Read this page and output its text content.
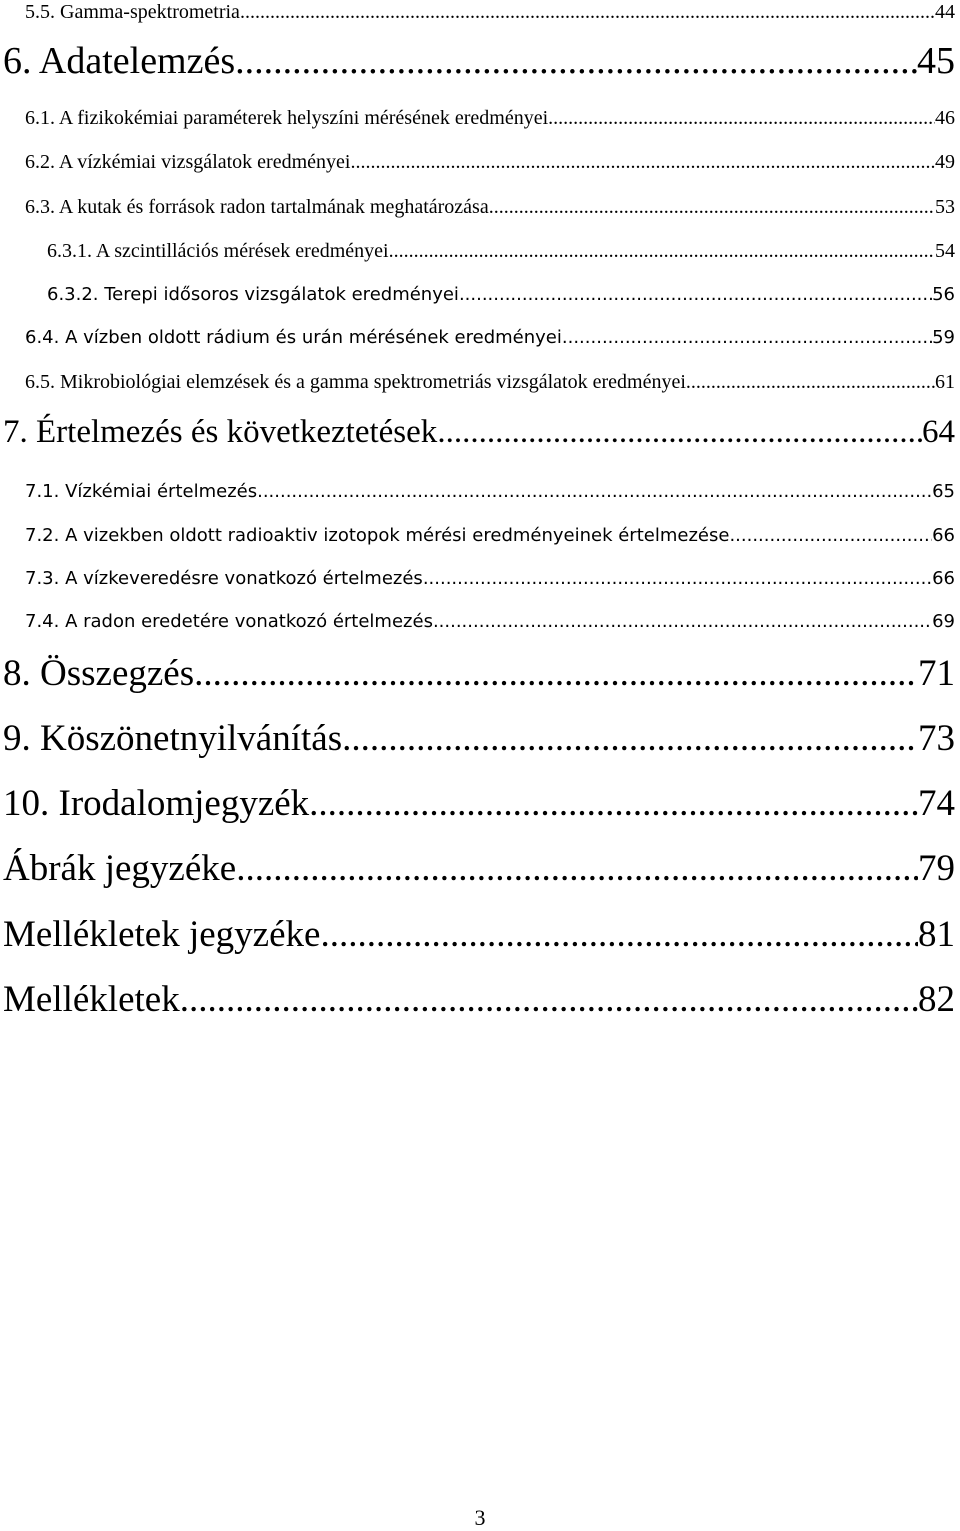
5.5. Gamma-spektrometria .....	44
6. Adatelemzés .....	45
6.1. A fizikokémiai paraméterek helyszíni mérésének eredményei .....	46
6.2. A vízkémiai vizsgálatok eredményei .....	49
6.3. A kutak és források radon tartalmának meghatározása .....	53
6.3.1. A szcintillációs mérések eredményei .....	54
6.3.2. Terepi idősoros vizsgálatok eredményei .....	56
6.4. A vízben oldott rádium és urán mérésének eredményei .....	59
6.5. Mikrobiológiai elemzések és a gamma spektrometriás vizsgálatok eredményei .....	61
7. Értelmezés és következtetések .....	64
7.1. Vízkémiai értelmezés .....	65
7.2. A vizekben oldott radioaktiv izotopok mérési eredményeinek értelmezése .....	66
7.3. A vízkeveredésre vonatkozó értelmezés .....	66
7.4. A radon eredetére vonatkozó értelmezés .....	69
8. Összegzés .....	71
9. Köszönetnyilvánítás .....	73
10. Irodalomjegyzék .....	74
Ábrák jegyzéke .....	79
Mellékletek jegyzéke .....	81
Mellékletek .....	82
3
